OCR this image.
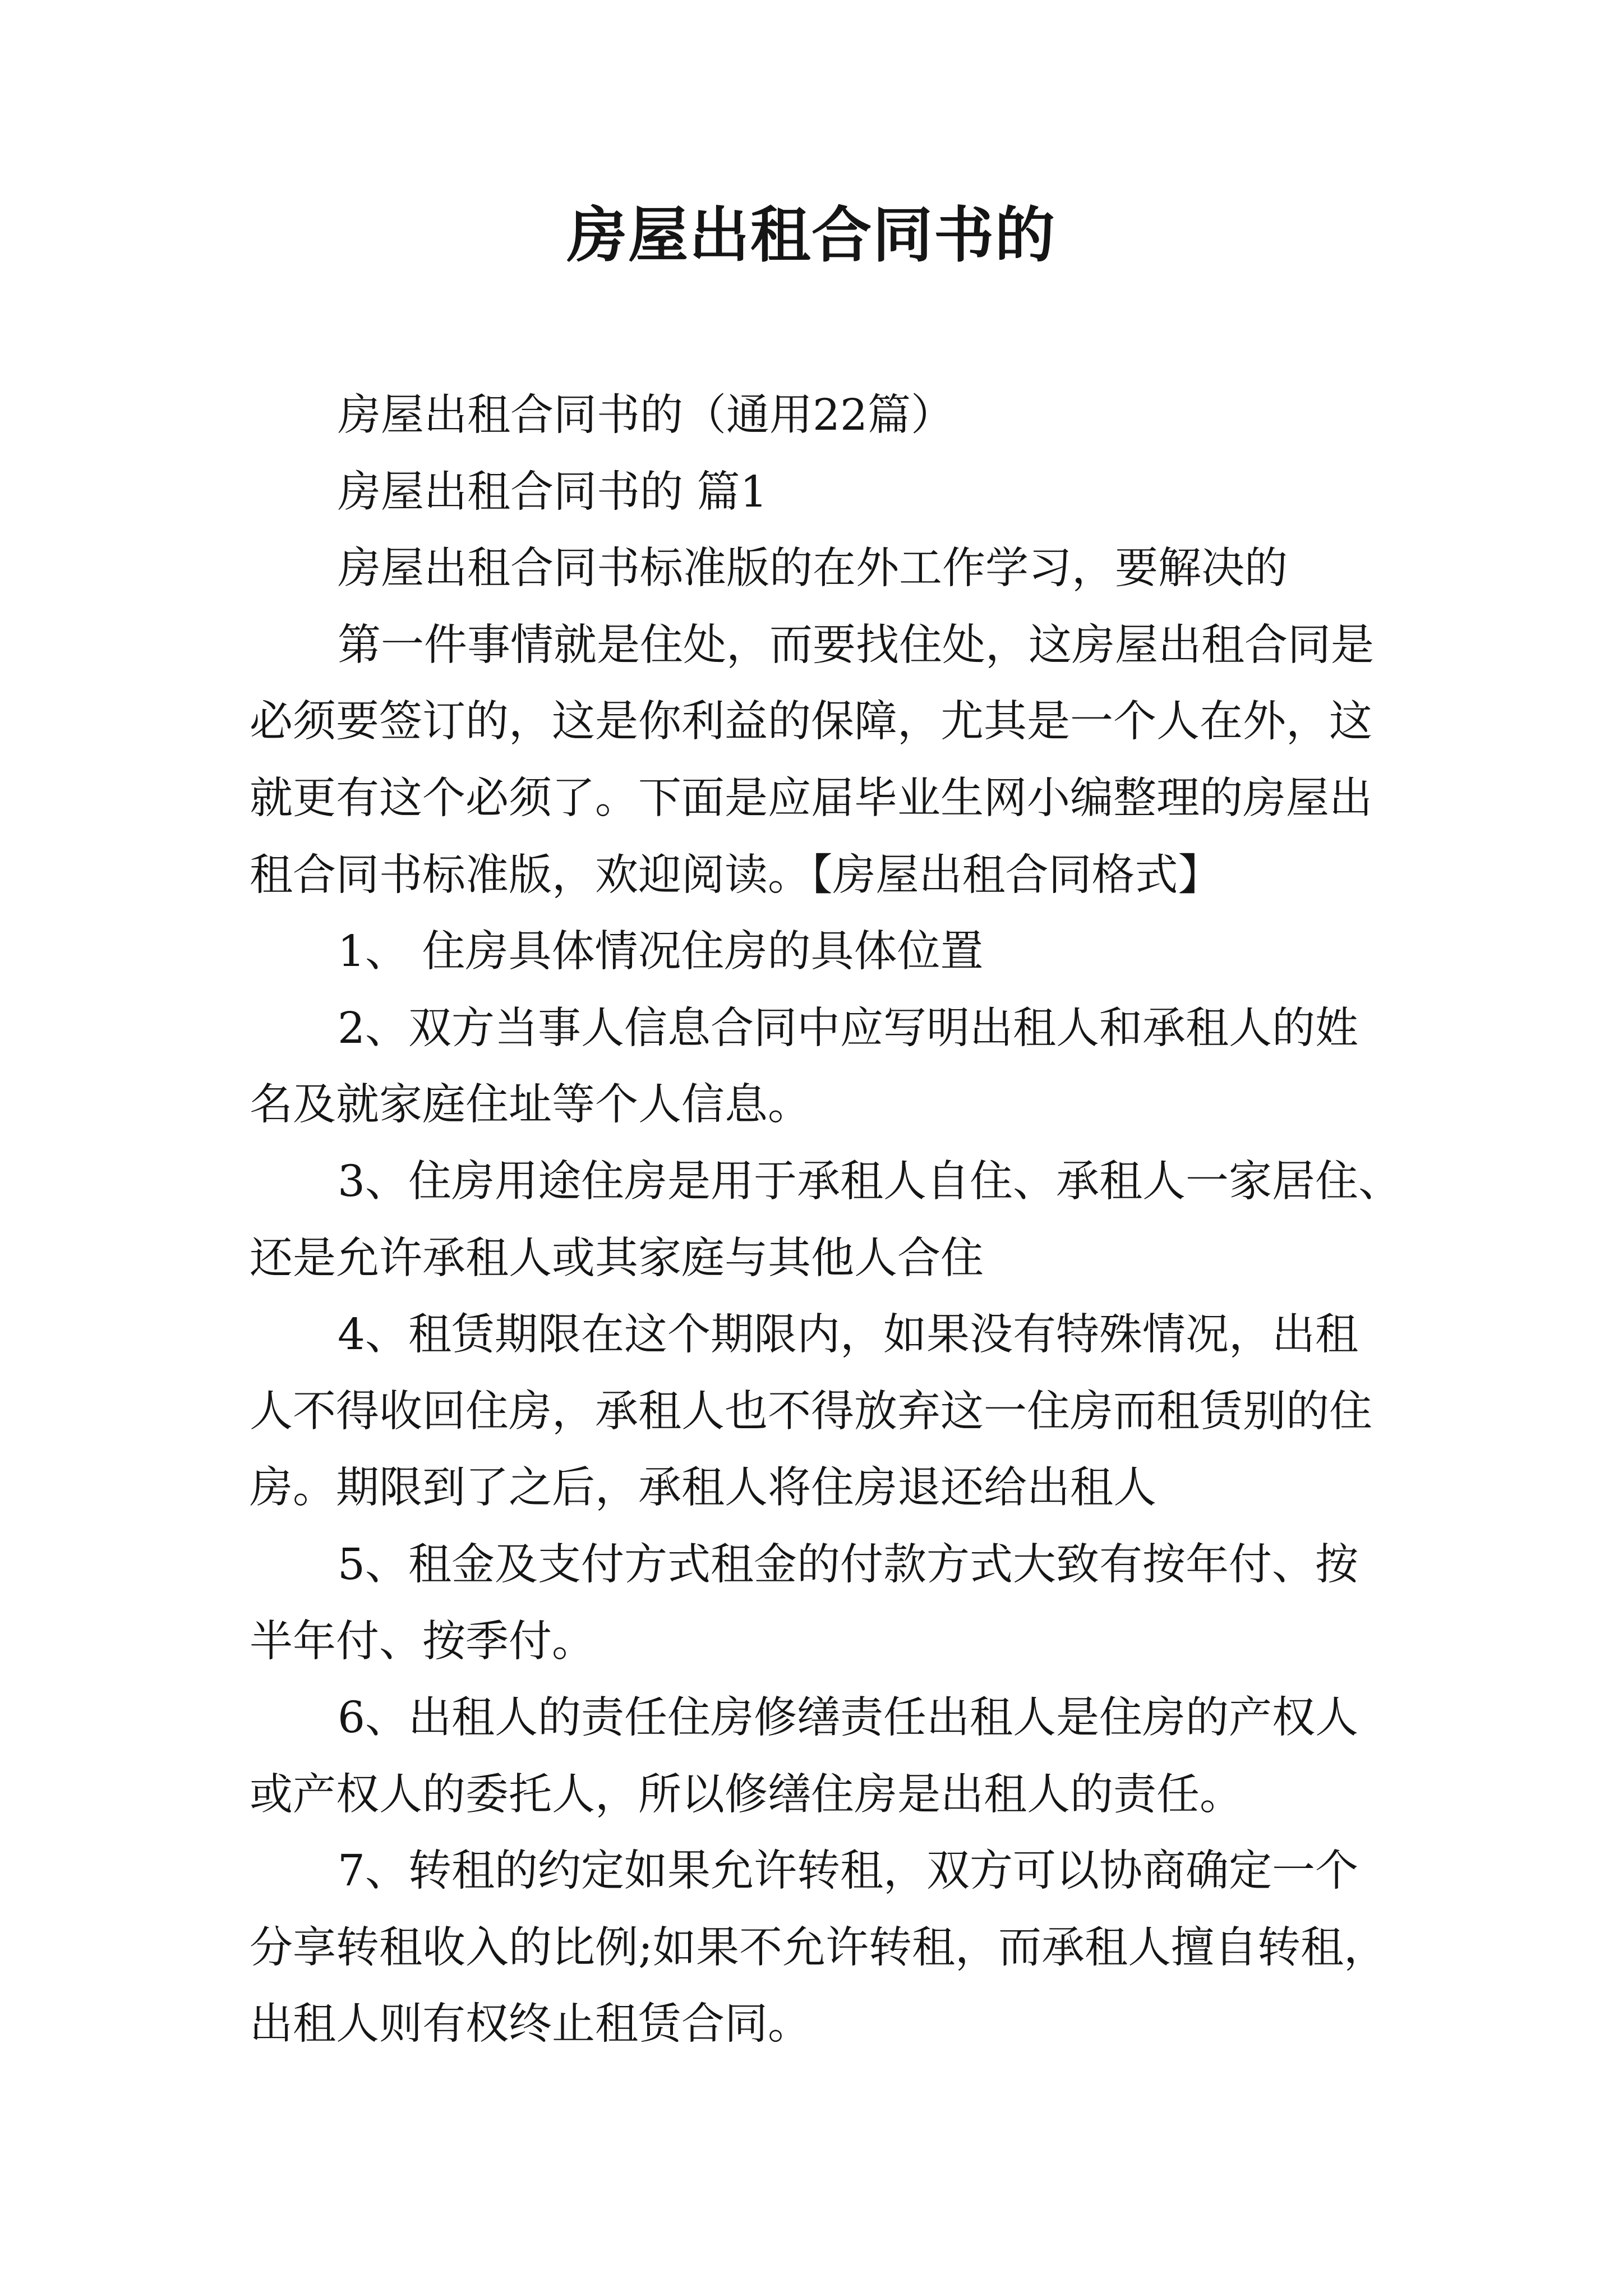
房屋出租合同书的

房屋出租合同书的（通用22篇）

房屋出租合同书的 篇1

房屋出租合同书标准版的在外工作学习，要解决的

第一件事情就是住处，而要找住处，这房屋出租合同是
必须要签订的，这是你利益的保障，尤其是一个人在外，这
就更有这个必须了。下面是应届毕业生网小编整理的房屋出
租合同书标准版，欢迎阅读。【房屋出租合同格式】

1、 住房具体情况住房的具体位置

2、双方当事人信息合同中应写明出租人和承租人的姓
名及就家庭住址等个人信息。

3、住房用途住房是用于承租人自住、承租人一家居住、
还是允许承租人或其家庭与其他人合住

4、租赁期限在这个期限内，如果没有特殊情况，出租
人不得收回住房，承租人也不得放弃这一住房而租赁别的住
房。期限到了之后，承租人将住房退还给出租人

5、租金及支付方式租金的付款方式大致有按年付、按
半年付、按季付。

6、出租人的责任住房修缮责任出租人是住房的产权人
或产权人的委托人，所以修缮住房是出租人的责任。

7、转租的约定如果允许转租，双方可以协商确定一个
分享转租收入的比例;如果不允许转租，而承租人擅自转租，
出租人则有权终止租赁合同。
